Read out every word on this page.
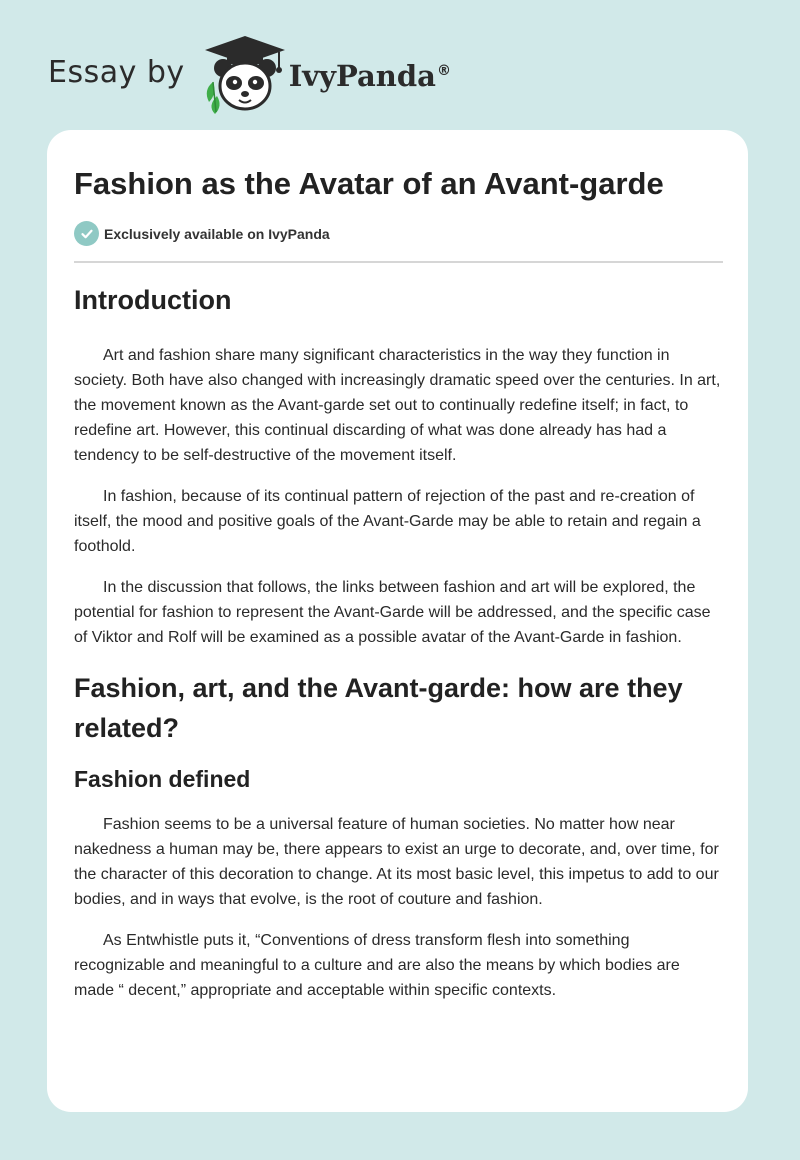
Essay by	IvyPanda®
Fashion as the Avatar of an Avant-garde
Exclusively available on IvyPanda
Introduction

Art and fashion share many significant characteristics in the way they function in society. Both have also changed with increasingly dramatic speed over the centuries. In art, the movement known as the Avant-garde set out to continually redefine itself; in fact, to redefine art. However, this continual discarding of what was done already has had a tendency to be self-destructive of the movement itself.

In fashion, because of its continual pattern of rejection of the past and re-creation of itself, the mood and positive goals of the Avant-Garde may be able to retain and regain a foothold.

In the discussion that follows, the links between fashion and art will be explored, the potential for fashion to represent the Avant-Garde will be addressed, and the specific case of Viktor and Rolf will be examined as a possible avatar of the Avant-Garde in fashion.

Fashion, art, and the Avant-garde: how are they related?
Fashion defined

Fashion seems to be a universal feature of human societies. No matter how near nakedness a human may be, there appears to exist an urge to decorate, and, over time, for the character of this decoration to change. At its most basic level, this impetus to add to our bodies, and in ways that evolve, is the root of couture and fashion.

As Entwhistle puts it, “Conventions of dress transform flesh into something recognizable and meaningful to a culture and are also the means by which bodies are made “ decent,” appropriate and acceptable within specific contexts.
